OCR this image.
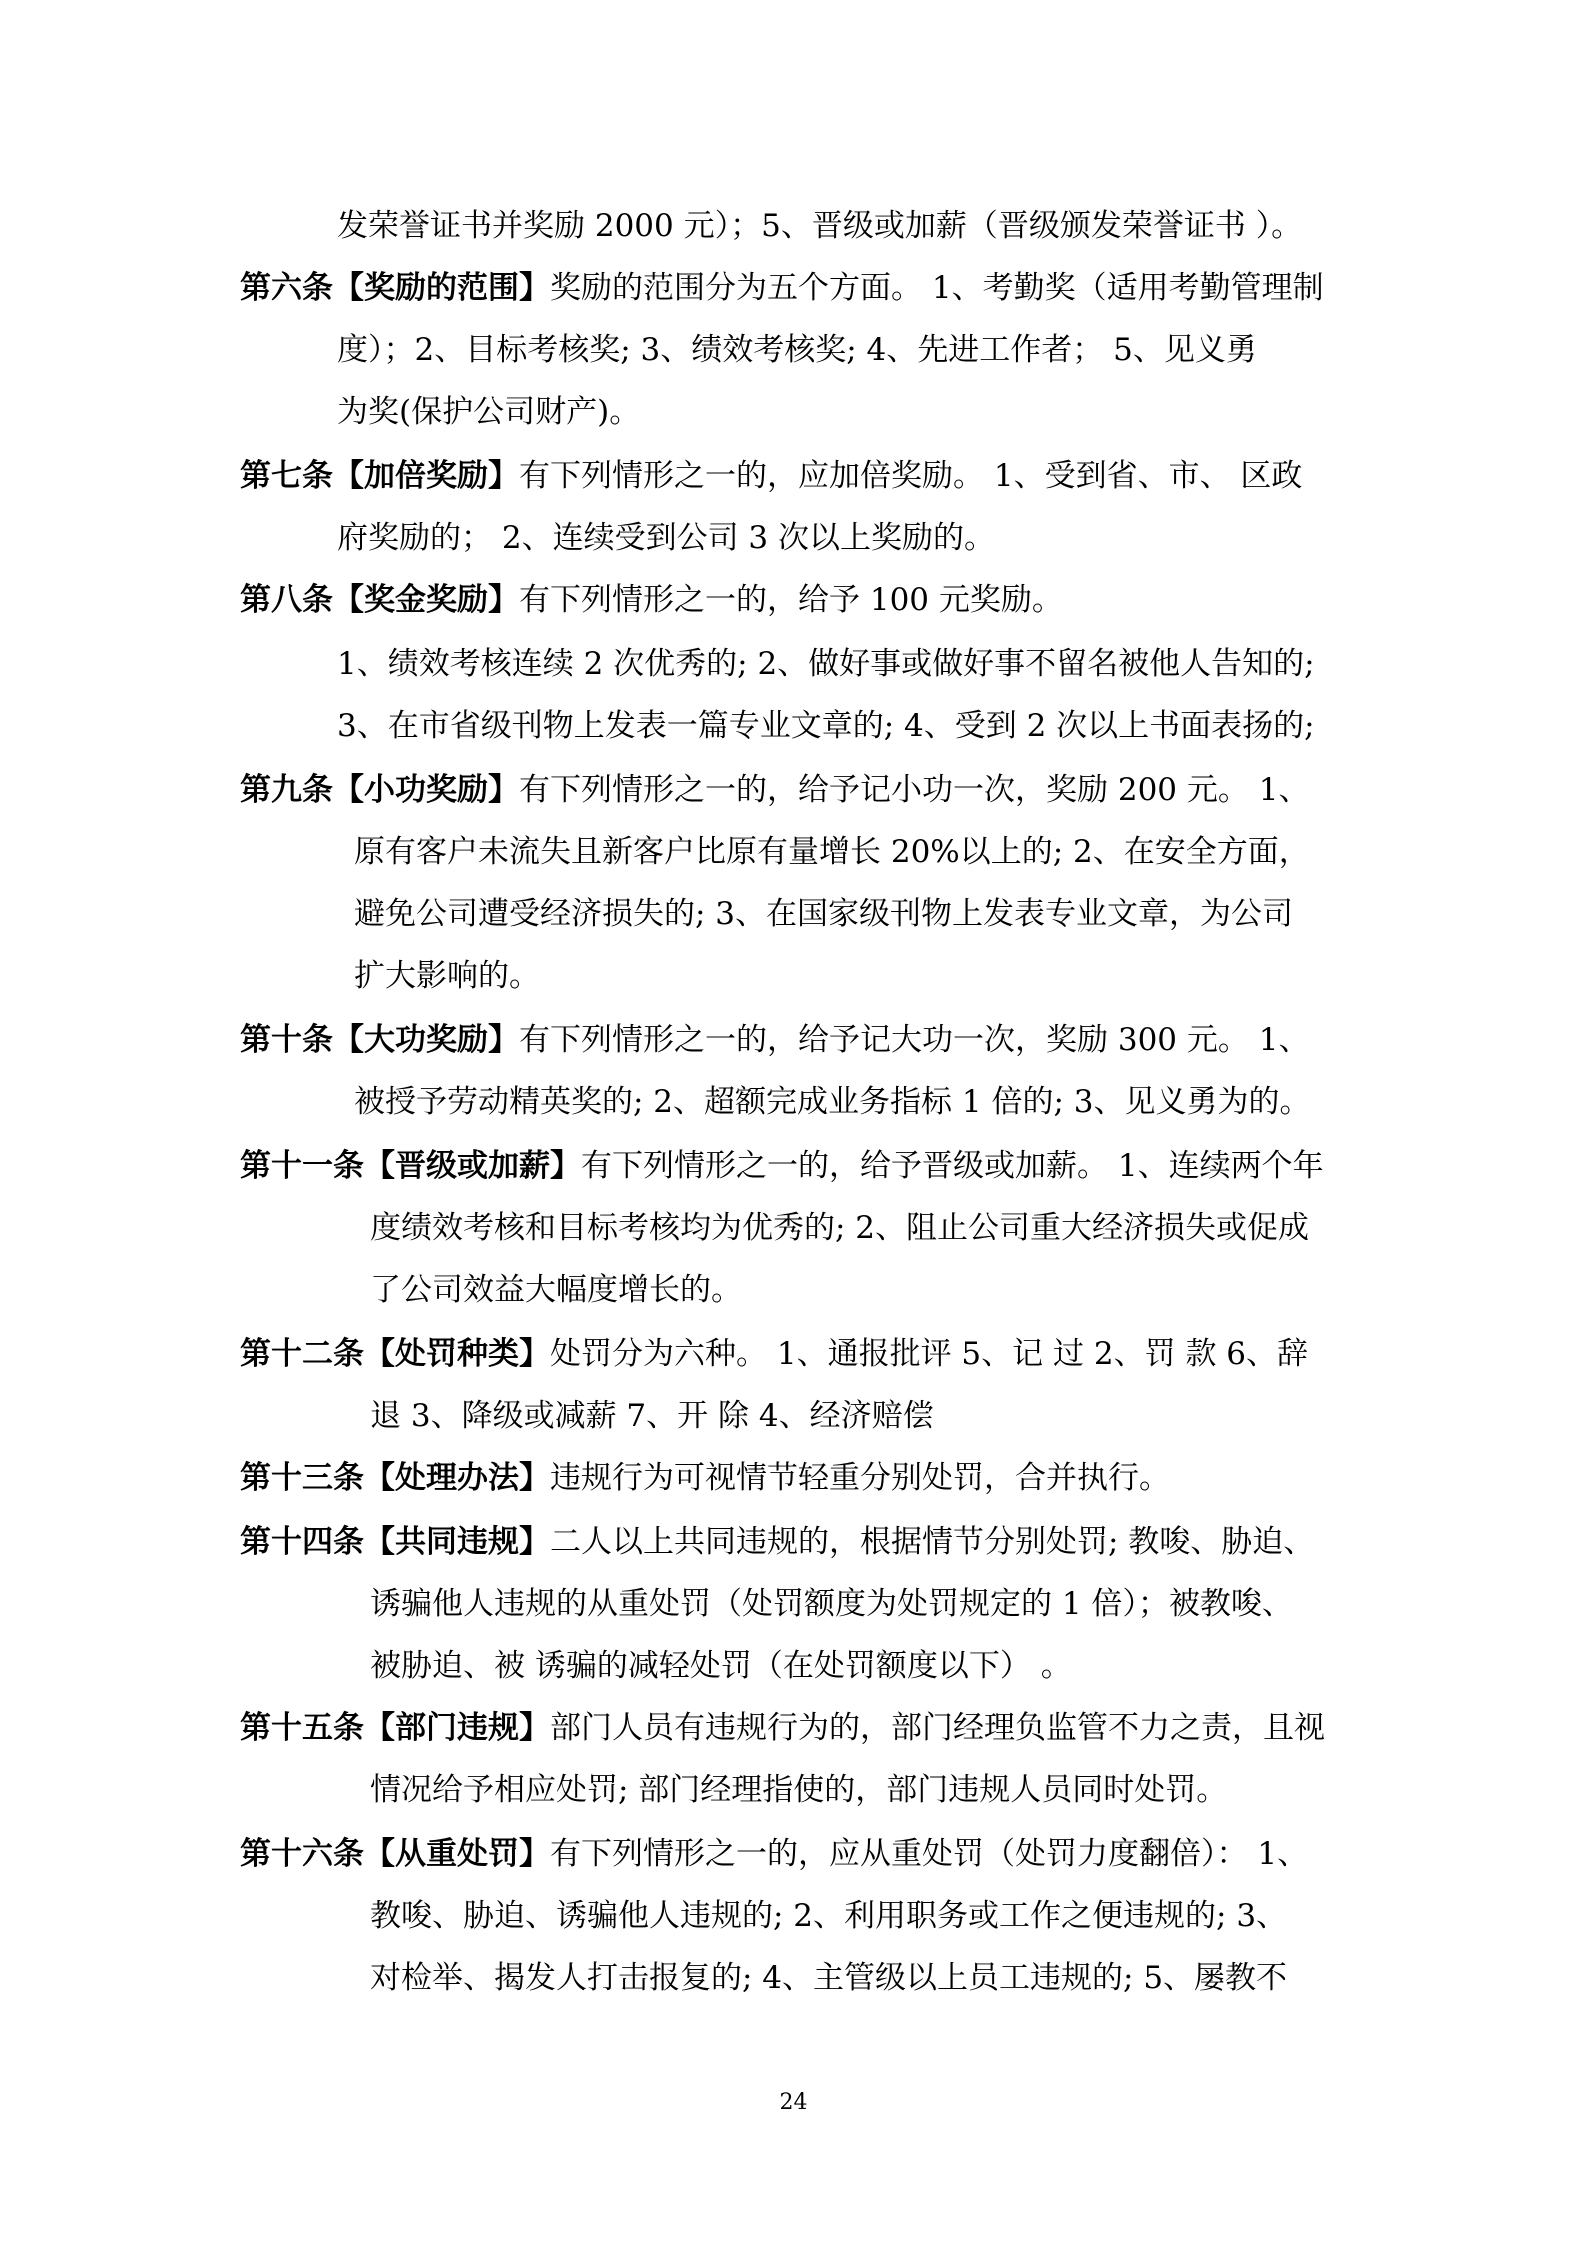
发荣誉证书并奖励 2000 元）；5、晋级或加薪（晋级颁发荣誉证书 ）。
第六条【奖励的范围】奖励的范围分为五个方面。 1、考勤奖（适用考勤管理制
度）；2、目标考核奖; 3、绩效考核奖; 4、先进工作者； 5、见义勇
为奖(保护公司财产)。
第七条【加倍奖励】有下列情形之一的，应加倍奖励。 1、受到省、市、 区政
府奖励的； 2、连续受到公司 3 次以上奖励的。
第八条【奖金奖励】有下列情形之一的，给予 100 元奖励。
1、绩效考核连续 2 次优秀的; 2、做好事或做好事不留名被他人告知的;
3、在市省级刊物上发表一篇专业文章的; 4、受到 2 次以上书面表扬的;
第九条【小功奖励】有下列情形之一的，给予记小功一次，奖励 200 元。 1、
原有客户未流失且新客户比原有量增长 20%以上的; 2、在安全方面，
避免公司遭受经济损失的; 3、在国家级刊物上发表专业文章，为公司
扩大影响的。
第十条【大功奖励】有下列情形之一的，给予记大功一次，奖励 300 元。 1、
被授予劳动精英奖的; 2、超额完成业务指标 1 倍的; 3、见义勇为的。
第十一条【晋级或加薪】有下列情形之一的，给予晋级或加薪。 1、连续两个年
度绩效考核和目标考核均为优秀的; 2、阻止公司重大经济损失或促成
了公司效益大幅度增长的。
第十二条【处罚种类】处罚分为六种。 1、通报批评 5、记 过 2、罚 款 6、辞
退 3、降级或减薪 7、开 除 4、经济赔偿
第十三条【处理办法】违规行为可视情节轻重分别处罚，合并执行。
第十四条【共同违规】二人以上共同违规的，根据情节分别处罚; 教唆、胁迫、
诱骗他人违规的从重处罚（处罚额度为处罚规定的 1 倍）；被教唆、
被胁迫、被 诱骗的减轻处罚（在处罚额度以下） 。
第十五条【部门违规】部门人员有违规行为的，部门经理负监管不力之责，且视
情况给予相应处罚; 部门经理指使的，部门违规人员同时处罚。
第十六条【从重处罚】有下列情形之一的，应从重处罚（处罚力度翻倍）： 1、
教唆、胁迫、诱骗他人违规的; 2、利用职务或工作之便违规的; 3、
对检举、揭发人打击报复的; 4、主管级以上员工违规的; 5、屡教不
24
